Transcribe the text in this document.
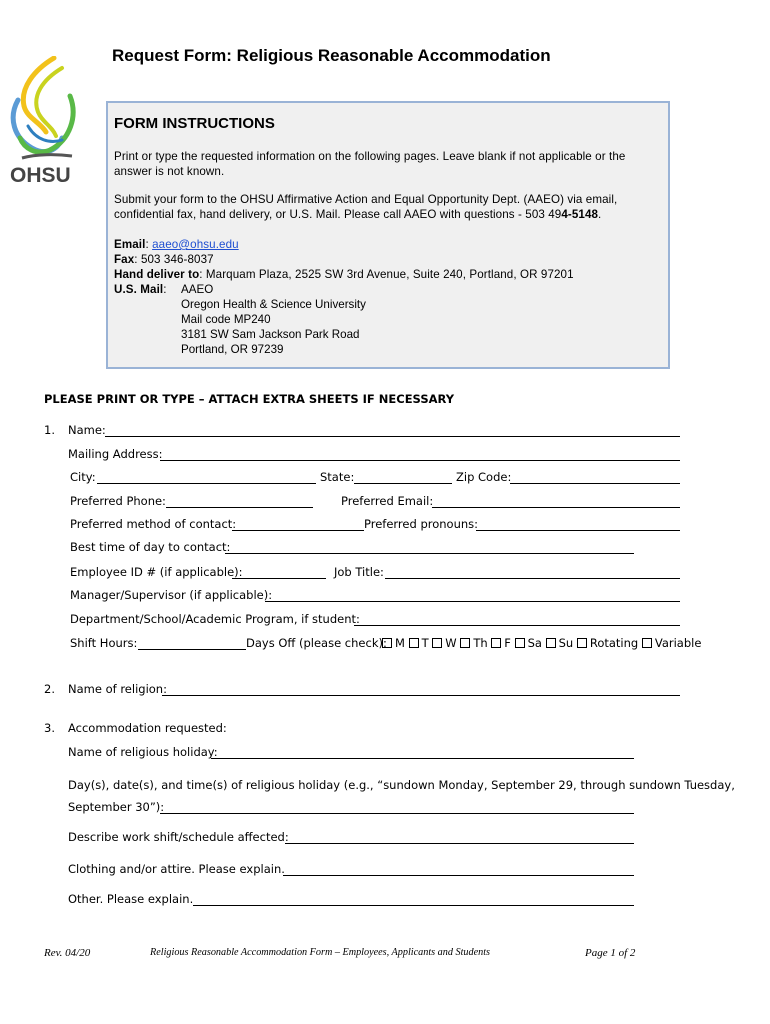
Request Form: Religious Reasonable Accommodation
OHSU
FORM INSTRUCTIONS
Print or type the requested information on the following pages. Leave blank if not applicable or the answer is not known.
Submit your form to the OHSU Affirmative Action and Equal Opportunity Dept. (AAEO) via email, confidential fax, hand delivery, or U.S. Mail. Please call AAEO with questions - 503 494-5148.
Email: aaeo@ohsu.edu
Fax: 503 346-8037
Hand deliver to: Marquam Plaza, 2525 SW 3rd Avenue, Suite 240, Portland, OR 97201
U.S. Mail: AAEO
Oregon Health & Science University
Mail code MP240
3181 SW Sam Jackson Park Road
Portland, OR 97239
PLEASE PRINT OR TYPE – ATTACH EXTRA SHEETS IF NECESSARY
1. Name:
Mailing Address:
City:	State:	Zip Code:
Preferred Phone:	Preferred Email:
Preferred method of contact:	Preferred pronouns:
Best time of day to contact:
Employee ID # (if applicable):	Job Title:
Manager/Supervisor (if applicable):
Department/School/Academic Program, if student:
Shift Hours:	Days Off (please check): M T W Th F Sa Su Rotating Variable
2. Name of religion:
3. Accommodation requested:
Name of religious holiday:
Day(s), date(s), and time(s) of religious holiday (e.g., “sundown Monday, September 29, through sundown Tuesday,
September 30”):
Describe work shift/schedule affected:
Clothing and/or attire. Please explain.
Other. Please explain.
Rev. 04/20	Religious Reasonable Accommodation Form – Employees, Applicants and Students	Page 1 of 2
